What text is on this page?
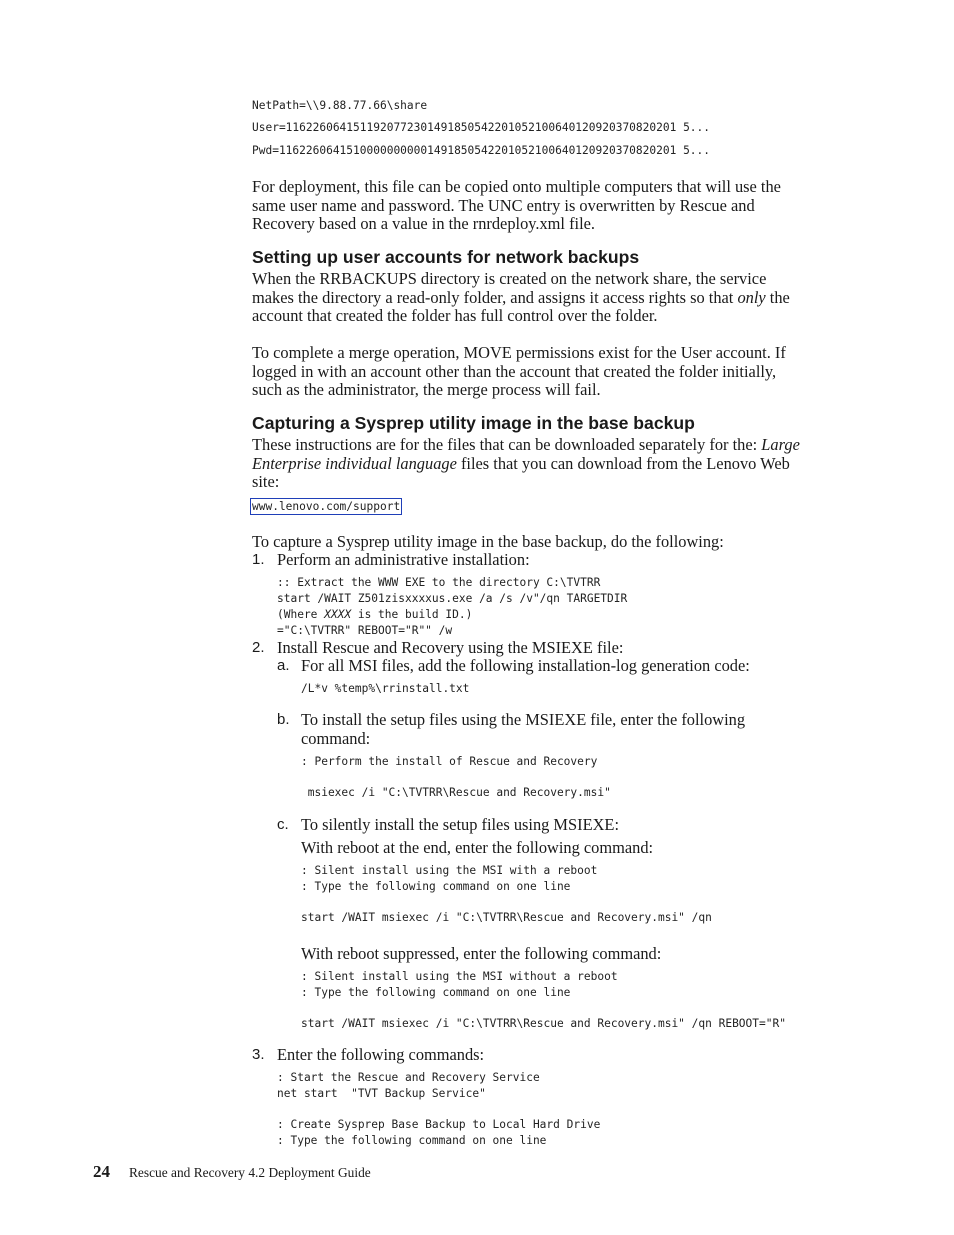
NetPath=\\9.88.77.66\share
User=1162260641511920772301491850542201052100640120920370820201 5...
Pwd=11622606415100000000001491850542201052100640120920370820201 5...

For deployment, this file can be copied onto multiple computers that will use the

same user name and password. The UNC entry is overwritten by Rescue and

Recovery based on a value in the rnrdeploy.xml file.

Setting up user accounts for network backups

When the RRBACKUPS directory is created on the network share, the service

makes the directory a read-only folder, and assigns it access rights so that only the

account that created the folder has full control over the folder.

To complete a merge operation, MOVE permissions exist for the User account. If

logged in with an account other than the account that created the folder initially,

such as the administrator, the merge process will fail.

Capturing a Sysprep utility image in the base backup

These instructions are for the files that can be downloaded separately for the: Large

Enterprise individual language files that you can download from the Lenovo Web

site:

www.lenovo.com/support

To capture a Sysprep utility image in the base backup, do the following:

1. Perform an administrative installation:

:: Extract the WWW EXE to the directory C:\TVTRR
start /WAIT Z501zisxxxxus.exe /a /s /v"/qn TARGETDIR
(Where XXXX is the build ID.)
="C:\TVTRR" REBOOT="R"" /w
2. Install Rescue and Recovery using the MSIEXE file:

a. For all MSI files, add the following installation-log generation code:

/L*v %temp%\rrinstall.txt
b. To install the setup files using the MSIEXE file, enter the following

command:

: Perform the install of Rescue and Recovery
msiexec /i "C:\TVTRR\Rescue and Recovery.msi"
c. To silently install the setup files using MSIEXE:

With reboot at the end, enter the following command:

: Silent install using the MSI with a reboot
: Type the following command on one line
start /WAIT msiexec /i "C:\TVTRR\Rescue and Recovery.msi" /qn

With reboot suppressed, enter the following command:

: Silent install using the MSI without a reboot
: Type the following command on one line
start /WAIT msiexec /i "C:\TVTRR\Rescue and Recovery.msi" /qn REBOOT="R"
3. Enter the following commands:

: Start the Rescue and Recovery Service
net start  "TVT Backup Service"
: Create Sysprep Base Backup to Local Hard Drive
: Type the following command on one line
24 Rescue and Recovery 4.2 Deployment Guide
